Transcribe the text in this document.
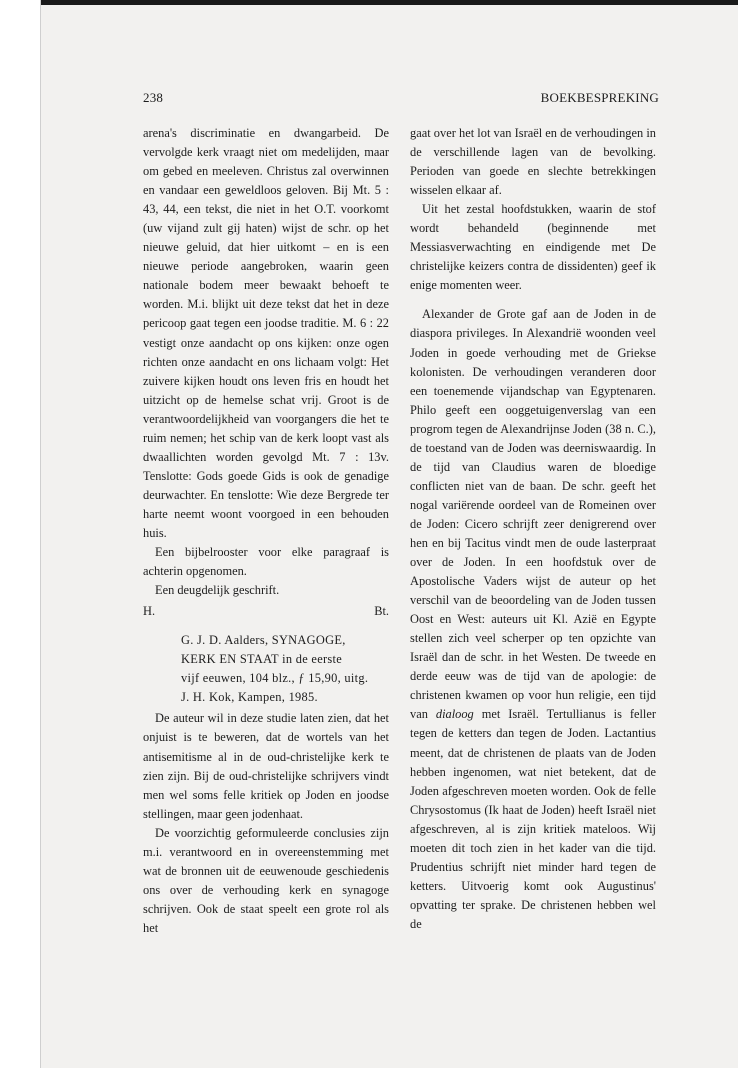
238	BOEKBESPREKING

arena's discriminatie en dwangarbeid. De vervolgde kerk vraagt niet om medelijden, maar om gebed en meeleven. Christus zal overwinnen en vandaar een geweldloos geloven. Bij Mt. 5 : 43, 44, een tekst, die niet in het O.T. voorkomt (uw vijand zult gij haten) wijst de schr. op het nieuwe geluid, dat hier uitkomt – en is een nieuwe periode aangebroken, waarin geen nationale bodem meer bewaakt behoeft te worden. M.i. blijkt uit deze tekst dat het in deze pericoop gaat tegen een joodse traditie. M. 6 : 22 vestigt onze aandacht op ons kijken: onze ogen richten onze aandacht en ons lichaam volgt: Het zuivere kijken houdt ons leven fris en houdt het uitzicht op de hemelse schat vrij. Groot is de verantwoordelijkheid van voorgangers die het te ruim nemen; het schip van de kerk loopt vast als dwaallichten worden gevolgd Mt. 7 : 13v. Tenslotte: Gods goede Gids is ook de genadige deurwachter. En tenslotte: Wie deze Bergrede ter harte neemt woont voorgoed in een behouden huis.

Een bijbelrooster voor elke paragraaf is achterin opgenomen.

Een deugdelijk geschrift.

H.	Bt.
G. J. D. Aalders, SYNAGOGE,
KERK EN STAAT in de eerste
vijf eeuwen, 104 blz., ƒ 15,90, uitg.
J. H. Kok, Kampen, 1985.

De auteur wil in deze studie laten zien, dat het onjuist is te beweren, dat de wortels van het antisemitisme al in de oud-christelijke kerk te zien zijn. Bij de oud-christelijke schrijvers vindt men wel soms felle kritiek op Joden en joodse stellingen, maar geen jodenhaat.

De voorzichtig geformuleerde conclusies zijn m.i. verantwoord en in overeenstemming met wat de bronnen uit de eeuwenoude geschiedenis ons over de verhouding kerk en synagoge schrijven. Ook de staat speelt een grote rol als het

gaat over het lot van Israël en de verhoudingen in de verschillende lagen van de bevolking. Perioden van goede en slechte betrekkingen wisselen elkaar af.

Uit het zestal hoofdstukken, waarin de stof wordt behandeld (beginnende met Messiasverwachting en eindigende met De christelijke keizers contra de dissidenten) geef ik enige momenten weer.

Alexander de Grote gaf aan de Joden in de diaspora privileges. In Alexandrië woonden veel Joden in goede verhouding met de Griekse kolonisten. De verhoudingen veranderen door een toenemende vijandschap van Egyptenaren. Philo geeft een ooggetuigenverslag van een progrom tegen de Alexandrijnse Joden (38 n. C.), de toestand van de Joden was deerniswaardig. In de tijd van Claudius waren de bloedige conflicten niet van de baan. De schr. geeft het nogal variërende oordeel van de Romeinen over de Joden: Cicero schrijft zeer denigrerend over hen en bij Tacitus vindt men de oude lasterpraat over de Joden. In een hoofdstuk over de Apostolische Vaders wijst de auteur op het verschil van de beoordeling van de Joden tussen Oost en West: auteurs uit Kl. Azië en Egypte stellen zich veel scherper op ten opzichte van Israël dan de schr. in het Westen. De tweede en derde eeuw was de tijd van de apologie: de christenen kwamen op voor hun religie, een tijd van dialoog met Israël. Tertullianus is feller tegen de ketters dan tegen de Joden. Lactantius meent, dat de christenen de plaats van de Joden hebben ingenomen, wat niet betekent, dat de Joden afgeschreven moeten worden. Ook de felle Chrysostomus (Ik haat de Joden) heeft Israël niet afgeschreven, al is zijn kritiek mateloos. Wij moeten dit toch zien in het kader van die tijd. Prudentius schrijft niet minder hard tegen de ketters. Uitvoerig komt ook Augustinus' opvatting ter sprake. De christenen hebben wel de
